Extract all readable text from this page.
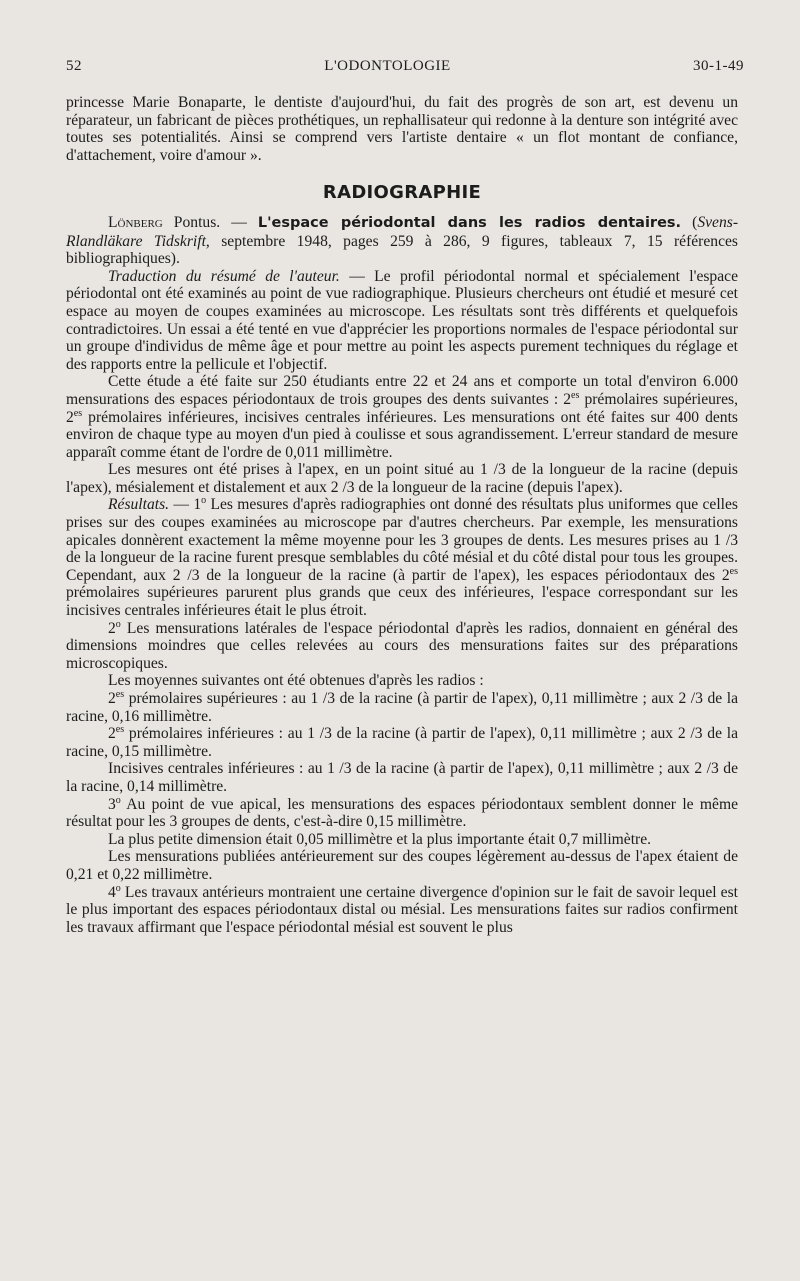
52	L'ODONTOLOGIE	30-1-49

princesse Marie Bonaparte, le dentiste d'aujourd'hui, du fait des progrès de son art, est devenu un réparateur, un fabricant de pièces prothétiques, un rephallisateur qui redonne à la denture son intégrité avec toutes ses potentialités. Ainsi se comprend vers l'artiste dentaire « un flot montant de confiance, d'attachement, voire d'amour ».

RADIOGRAPHIE

Lönberg Pontus. — L'espace périodontal dans les radios dentaires. (Svens-Rlandläkare Tidskrift, septembre 1948, pages 259 à 286, 9 figures, tableaux 7, 15 références bibliographiques).

Traduction du résumé de l'auteur. — Le profil périodontal normal et spécialement l'espace périodontal ont été examinés au point de vue radiographique. Plusieurs chercheurs ont étudié et mesuré cet espace au moyen de coupes examinées au microscope. Les résultats sont très différents et quelquefois contradictoires. Un essai a été tenté en vue d'apprécier les proportions normales de l'espace périodontal sur un groupe d'individus de même âge et pour mettre au point les aspects purement techniques du réglage et des rapports entre la pellicule et l'objectif.

Cette étude a été faite sur 250 étudiants entre 22 et 24 ans et comporte un total d'environ 6.000 mensurations des espaces périodontaux de trois groupes des dents suivantes : $2^{es}$ prémolaires supérieures, $2^{es}$ prémolaires inférieures, incisives centrales inférieures. Les mensurations ont été faites sur 400 dents environ de chaque type au moyen d'un pied à coulisse et sous agrandissement. L'erreur standard de mesure apparaît comme étant de l'ordre de 0,011 millimètre.

Les mesures ont été prises à l'apex, en un point situé au 1 /3 de la longueur de la racine (depuis l'apex), mésialement et distalement et aux 2 /3 de la longueur de la racine (depuis l'apex).

Résultats. — 1$^o$ Les mesures d'après radiographies ont donné des résultats plus uniformes que celles prises sur des coupes examinées au microscope par d'autres chercheurs. Par exemple, les mensurations apicales donnèrent exactement la même moyenne pour les 3 groupes de dents. Les mesures prises au 1 /3 de la longueur de la racine furent presque semblables du côté mésial et du côté distal pour tous les groupes. Cependant, aux 2 /3 de la longueur de la racine (à partir de l'apex), les espaces périodontaux des $2^{es}$ prémolaires supérieures parurent plus grands que ceux des inférieures, l'espace correspondant sur les incisives centrales inférieures était le plus étroit.

2$^o$ Les mensurations latérales de l'espace périodontal d'après les radios, donnaient en général des dimensions moindres que celles relevées au cours des mensurations faites sur des préparations microscopiques.

Les moyennes suivantes ont été obtenues d'après les radios :

$2^{es}$ prémolaires supérieures : au 1 /3 de la racine (à partir de l'apex), 0,11 millimètre ; aux 2 /3 de la racine, 0,16 millimètre.

$2^{es}$ prémolaires inférieures : au 1 /3 de la racine (à partir de l'apex), 0,11 millimètre ; aux 2 /3 de la racine, 0,15 millimètre.

Incisives centrales inférieures : au 1 /3 de la racine (à partir de l'apex), 0,11 millimètre ; aux 2 /3 de la racine, 0,14 millimètre.

3$^o$ Au point de vue apical, les mensurations des espaces périodontaux semblent donner le même résultat pour les 3 groupes de dents, c'est-à-dire 0,15 millimètre.

La plus petite dimension était 0,05 millimètre et la plus importante était 0,7 millimètre.

Les mensurations publiées antérieurement sur des coupes légèrement au-dessus de l'apex étaient de 0,21 et 0,22 millimètre.

4$^o$ Les travaux antérieurs montraient une certaine divergence d'opinion sur le fait de savoir lequel est le plus important des espaces périodontaux distal ou mésial. Les mensurations faites sur radios confirment les travaux affirmant que l'espace périodontal mésial est souvent le plus
